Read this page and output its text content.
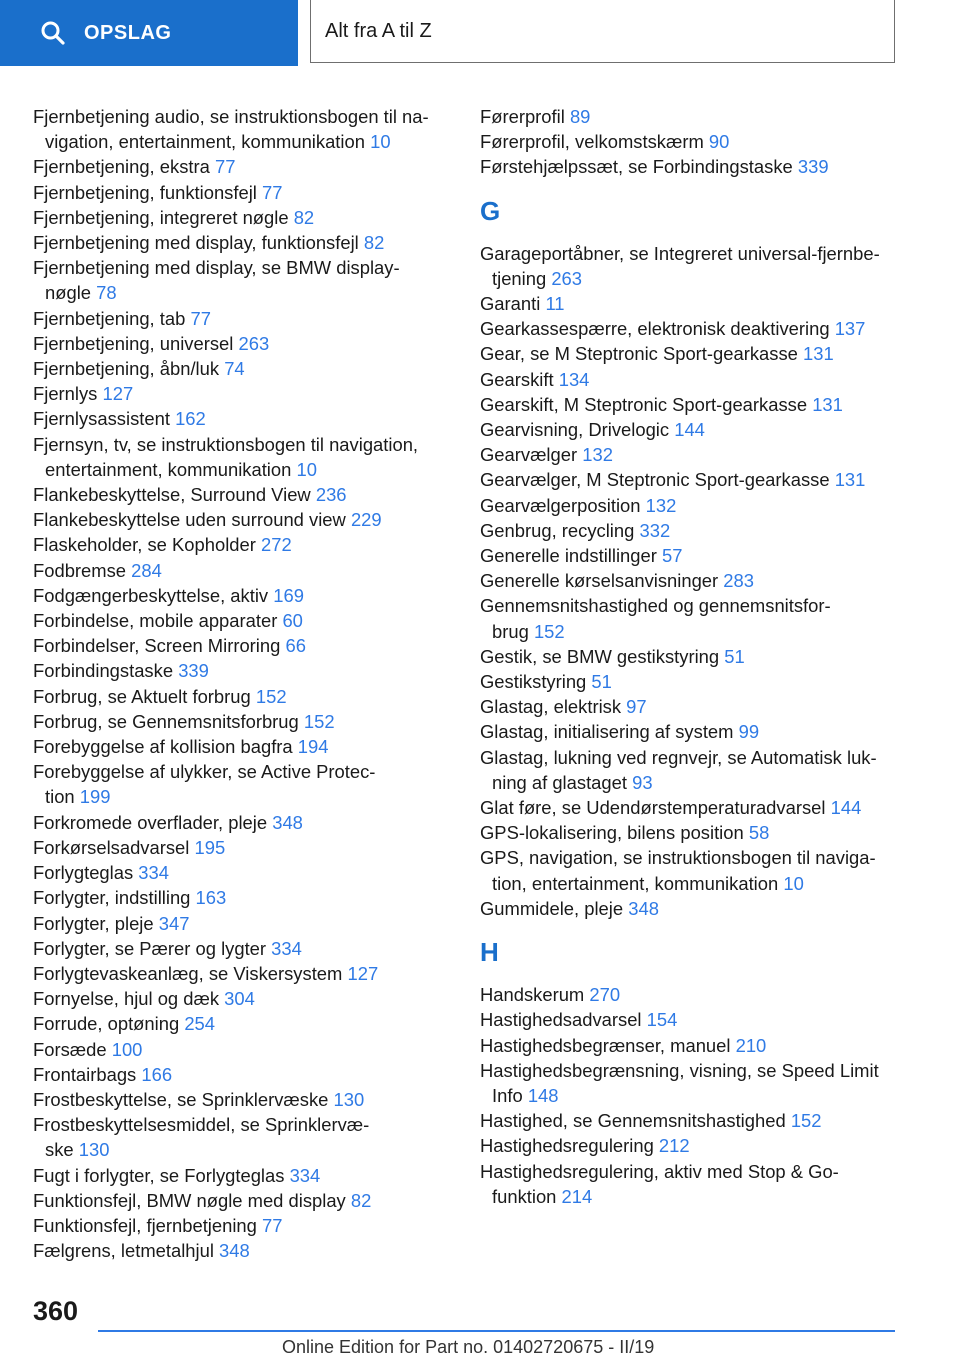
OPSLAG	Alt fra A til Z
Fjernbetjening audio, se instruktionsbogen til na-
vigation, entertainment, kommunikation 10
Fjernbetjening, ekstra 77
Fjernbetjening, funktionsfejl 77
Fjernbetjening, integreret nøgle 82
Fjernbetjening med display, funktionsfejl 82
Fjernbetjening med display, se BMW display-
nøgle 78
Fjernbetjening, tab 77
Fjernbetjening, universel 263
Fjernbetjening, åbn/luk 74
Fjernlys 127
Fjernlysassistent 162
Fjernsyn, tv, se instruktionsbogen til navigation,
entertainment, kommunikation 10
Flankebeskyttelse, Surround View 236
Flankebeskyttelse uden surround view 229
Flaskeholder, se Kopholder 272
Fodbremse 284
Fodgængerbeskyttelse, aktiv 169
Forbindelse, mobile apparater 60
Forbindelser, Screen Mirroring 66
Forbindingstaske 339
Forbrug, se Aktuelt forbrug 152
Forbrug, se Gennemsnitsforbrug 152
Forebyggelse af kollision bagfra 194
Forebyggelse af ulykker, se Active Protec-
tion 199
Forkromede overflader, pleje 348
Forkørselsadvarsel 195
Forlygteglas 334
Forlygter, indstilling 163
Forlygter, pleje 347
Forlygter, se Pærer og lygter 334
Forlygtevaskeanlæg, se Viskersystem 127
Fornyelse, hjul og dæk 304
Forrude, optøning 254
Forsæde 100
Frontairbags 166
Frostbeskyttelse, se Sprinklervæske 130
Frostbeskyttelsesmiddel, se Sprinklervæ-
ske 130
Fugt i forlygter, se Forlygteglas 334
Funktionsfejl, BMW nøgle med display 82
Funktionsfejl, fjernbetjening 77
Fælgrens, letmetalhjul 348
Førerprofil 89
Førerprofil, velkomstskærm 90
Førstehjælpssæt, se Forbindingstaske 339
G
Garageportåbner, se Integreret universal-fjernbe-
tjening 263
Garanti 11
Gearkassespærre, elektronisk deaktivering 137
Gear, se M Steptronic Sport-gearkasse 131
Gearskift 134
Gearskift, M Steptronic Sport-gearkasse 131
Gearvisning, Drivelogic 144
Gearvælger 132
Gearvælger, M Steptronic Sport-gearkasse 131
Gearvælgerposition 132
Genbrug, recycling 332
Generelle indstillinger 57
Generelle kørselsanvisninger 283
Gennemsnitshastighed og gennemsnitsfor-
brug 152
Gestik, se BMW gestikstyring 51
Gestikstyring 51
Glastag, elektrisk 97
Glastag, initialisering af system 99
Glastag, lukning ved regnvejr, se Automatisk luk-
ning af glastaget 93
Glat føre, se Udendørstemperaturadvarsel 144
GPS-lokalisering, bilens position 58
GPS, navigation, se instruktionsbogen til naviga-
tion, entertainment, kommunikation 10
Gummidele, pleje 348
H
Handskerum 270
Hastighedsadvarsel 154
Hastighedsbegrænser, manuel 210
Hastighedsbegrænsning, visning, se Speed Limit
Info 148
Hastighed, se Gennemsnitshastighed 152
Hastighedsregulering 212
Hastighedsregulering, aktiv med Stop & Go-
funktion 214
360
Online Edition for Part no. 01402720675 - II/19
